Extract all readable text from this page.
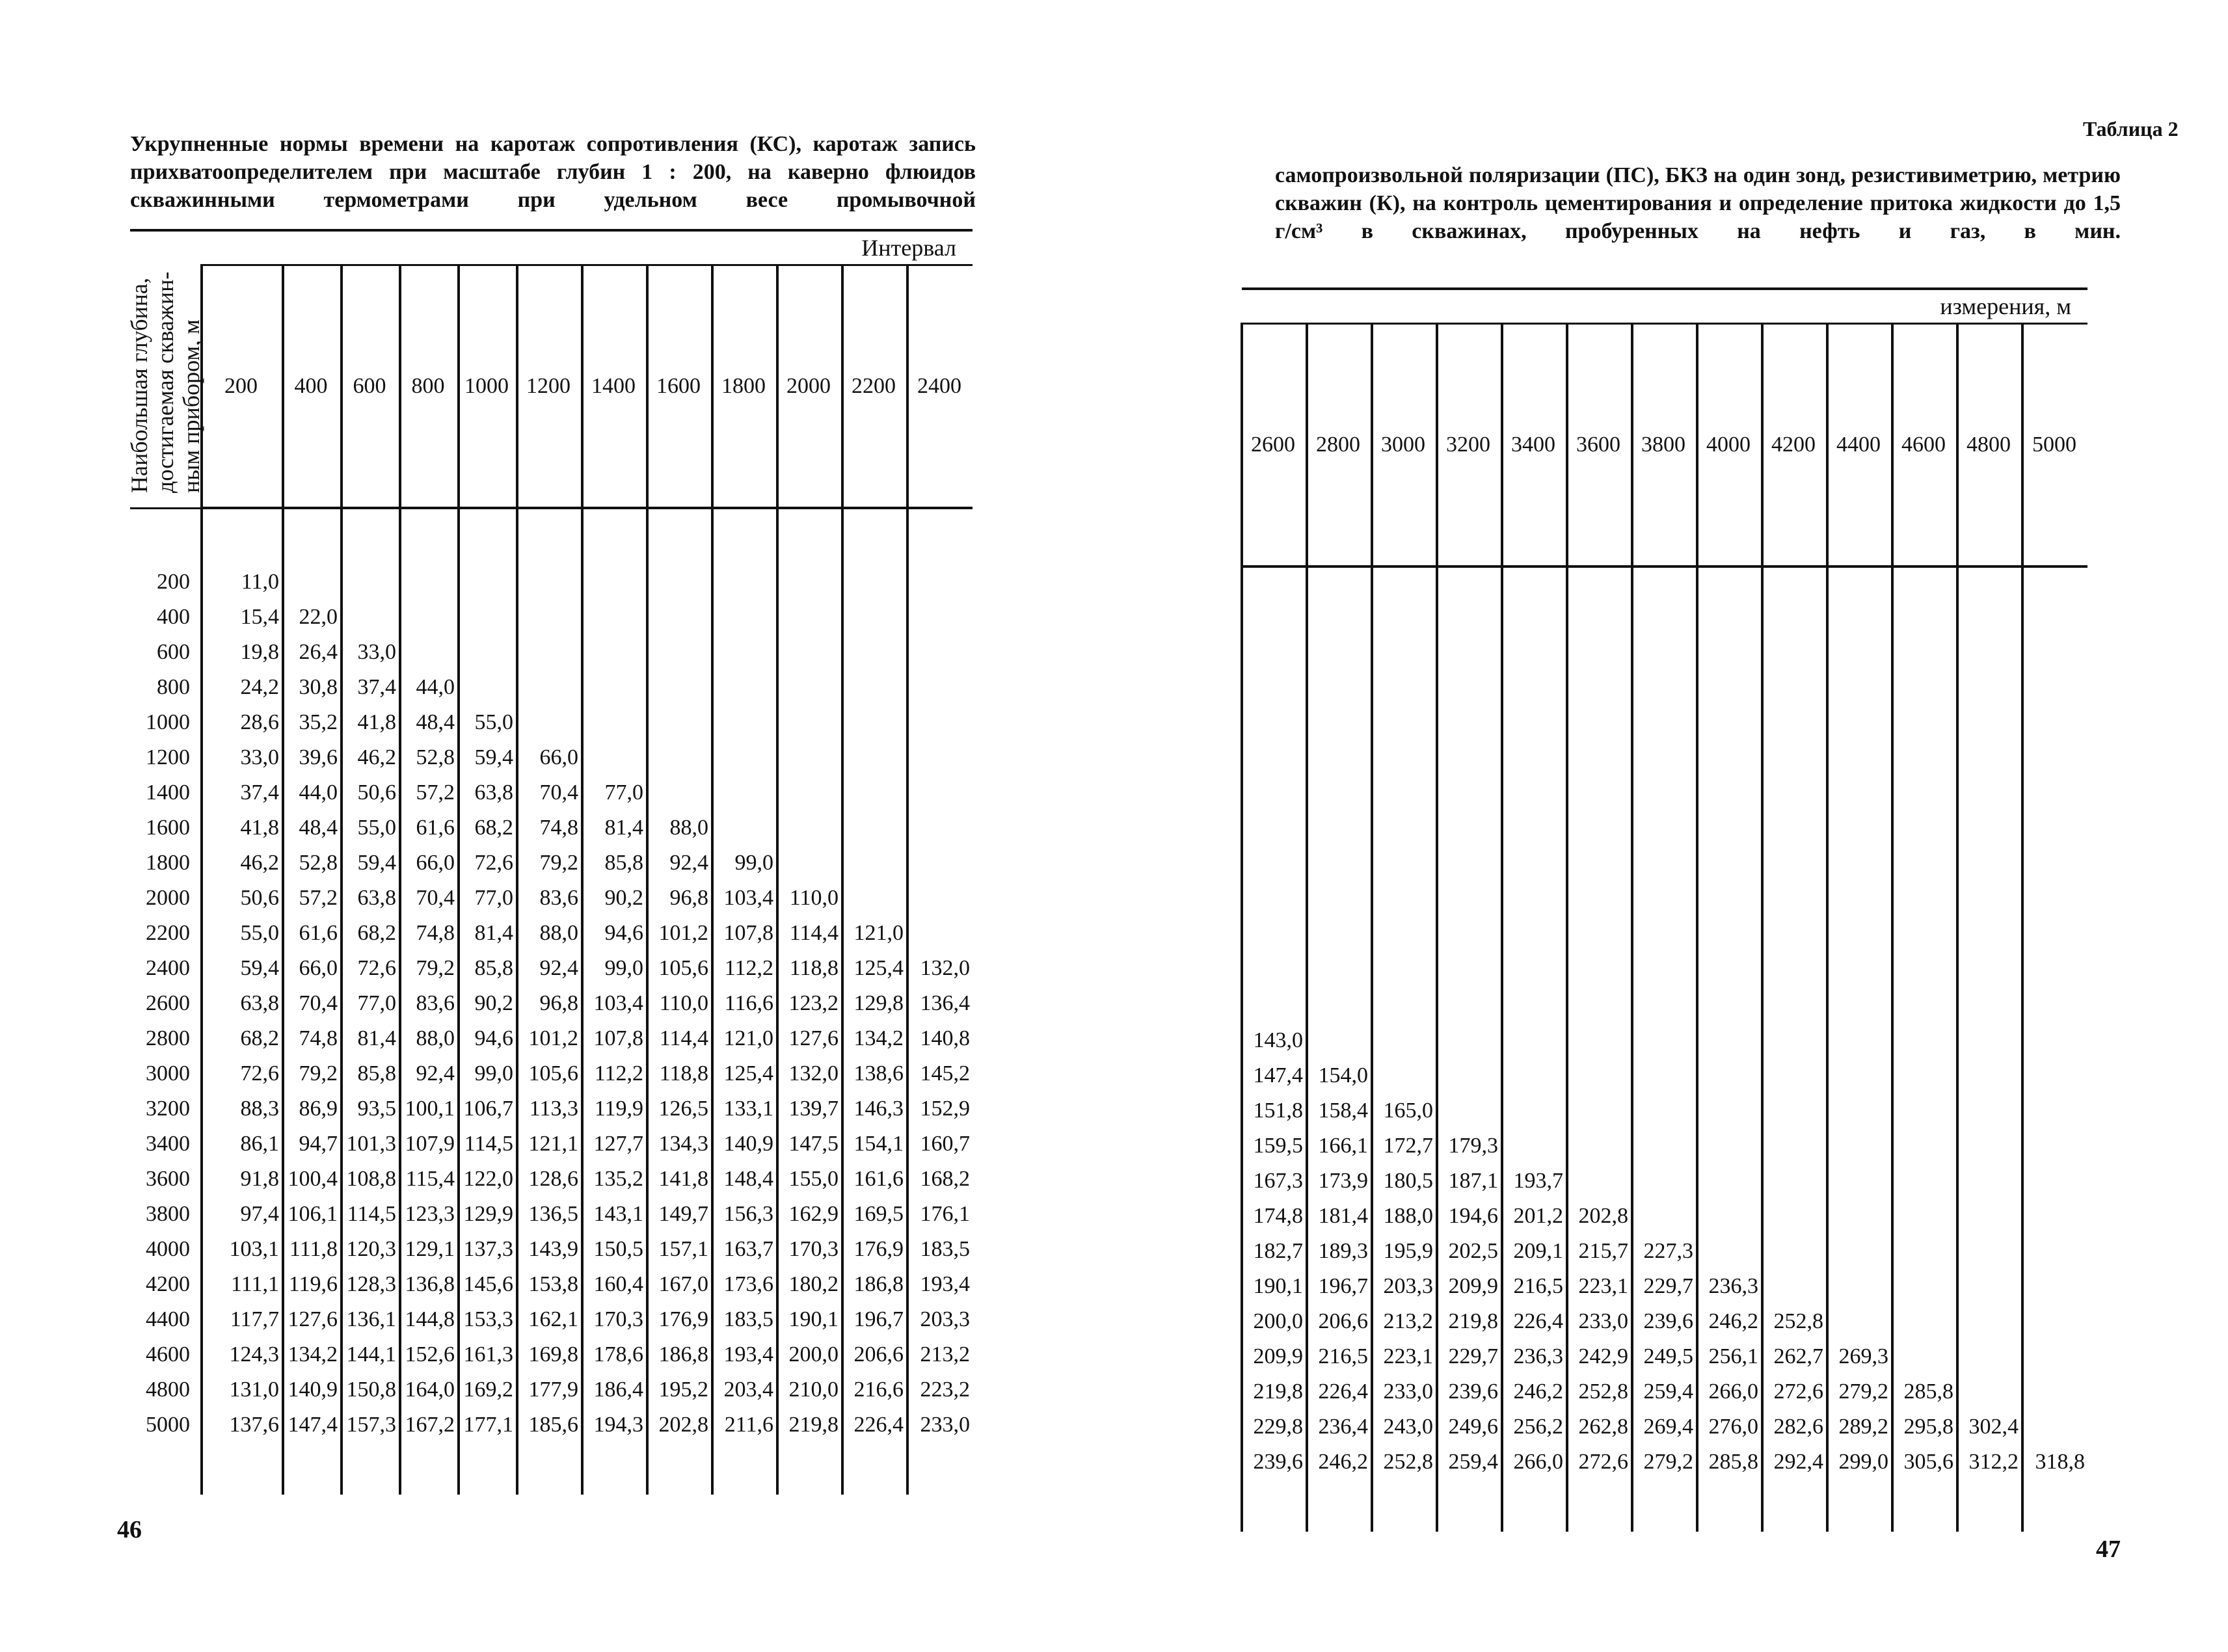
Укрупненные нормы времени на каротаж сопротивления (КС), каротаж запись прихватоопределителем при масштабе глубин 1 : 200, на каверно флюидов скважинными термометрами при удельном весе промывочной

Наибольшая глубина, достигаемая скважин-ным прибором, м	Интервал											
	200	400	600	800	1000	1200	1400	1600	1800	2000	2200	2400

200	11,0											
400	15,4	22,0										
600	19,8	26,4	33,0									
800	24,2	30,8	37,4	44,0								
1000	28,6	35,2	41,8	48,4	55,0							
1200	33,0	39,6	46,2	52,8	59,4	66,0						
1400	37,4	44,0	50,6	57,2	63,8	70,4	77,0					
1600	41,8	48,4	55,0	61,6	68,2	74,8	81,4	88,0				
1800	46,2	52,8	59,4	66,0	72,6	79,2	85,8	92,4	99,0			
2000	50,6	57,2	63,8	70,4	77,0	83,6	90,2	96,8	103,4	110,0		
2200	55,0	61,6	68,2	74,8	81,4	88,0	94,6	101,2	107,8	114,4	121,0	
2400	59,4	66,0	72,6	79,2	85,8	92,4	99,0	105,6	112,2	118,8	125,4	132,0
2600	63,8	70,4	77,0	83,6	90,2	96,8	103,4	110,0	116,6	123,2	129,8	136,4
2800	68,2	74,8	81,4	88,0	94,6	101,2	107,8	114,4	121,0	127,6	134,2	140,8
3000	72,6	79,2	85,8	92,4	99,0	105,6	112,2	118,8	125,4	132,0	138,6	145,2
3200	88,3	86,9	93,5	100,1	106,7	113,3	119,9	126,5	133,1	139,7	146,3	152,9
3400	86,1	94,7	101,3	107,9	114,5	121,1	127,7	134,3	140,9	147,5	154,1	160,7
3600	91,8	100,4	108,8	115,4	122,0	128,6	135,2	141,8	148,4	155,0	161,6	168,2
3800	97,4	106,1	114,5	123,3	129,9	136,5	143,1	149,7	156,3	162,9	169,5	176,1
4000	103,1	111,8	120,3	129,1	137,3	143,9	150,5	157,1	163,7	170,3	176,9	183,5
4200	111,1	119,6	128,3	136,8	145,6	153,8	160,4	167,0	173,6	180,2	186,8	193,4
4400	117,7	127,6	136,1	144,8	153,3	162,1	170,3	176,9	183,5	190,1	196,7	203,3
4600	124,3	134,2	144,1	152,6	161,3	169,8	178,6	186,8	193,4	200,0	206,6	213,2
4800	131,0	140,9	150,8	164,0	169,2	177,9	186,4	195,2	203,4	210,0	216,6	223,2
5000	137,6	147,4	157,3	167,2	177,1	185,6	194,3	202,8	211,6	219,8	226,4	233,0

46
Таблица 2

самопроизвольной поляризации (ПС), БКЗ на один зонд, резистивиметрию, метрию скважин (К), на контроль цементирования и определение притока жидкости до 1,5 г/см³ в скважинах, пробуренных на нефть и газ, в мин.

измерения, м												
2600	2800	3000	3200	3400	3600	3800	4000	4200	4400	4600	4800	5000

143,0												
147,4	154,0											
151,8	158,4	165,0										
159,5	166,1	172,7	179,3									
167,3	173,9	180,5	187,1	193,7								
174,8	181,4	188,0	194,6	201,2	202,8							
182,7	189,3	195,9	202,5	209,1	215,7	227,3						
190,1	196,7	203,3	209,9	216,5	223,1	229,7	236,3					
200,0	206,6	213,2	219,8	226,4	233,0	239,6	246,2	252,8				
209,9	216,5	223,1	229,7	236,3	242,9	249,5	256,1	262,7	269,3			
219,8	226,4	233,0	239,6	246,2	252,8	259,4	266,0	272,6	279,2	285,8		
229,8	236,4	243,0	249,6	256,2	262,8	269,4	276,0	282,6	289,2	295,8	302,4	
239,6	246,2	252,8	259,4	266,0	272,6	279,2	285,8	292,4	299,0	305,6	312,2	318,8

47
